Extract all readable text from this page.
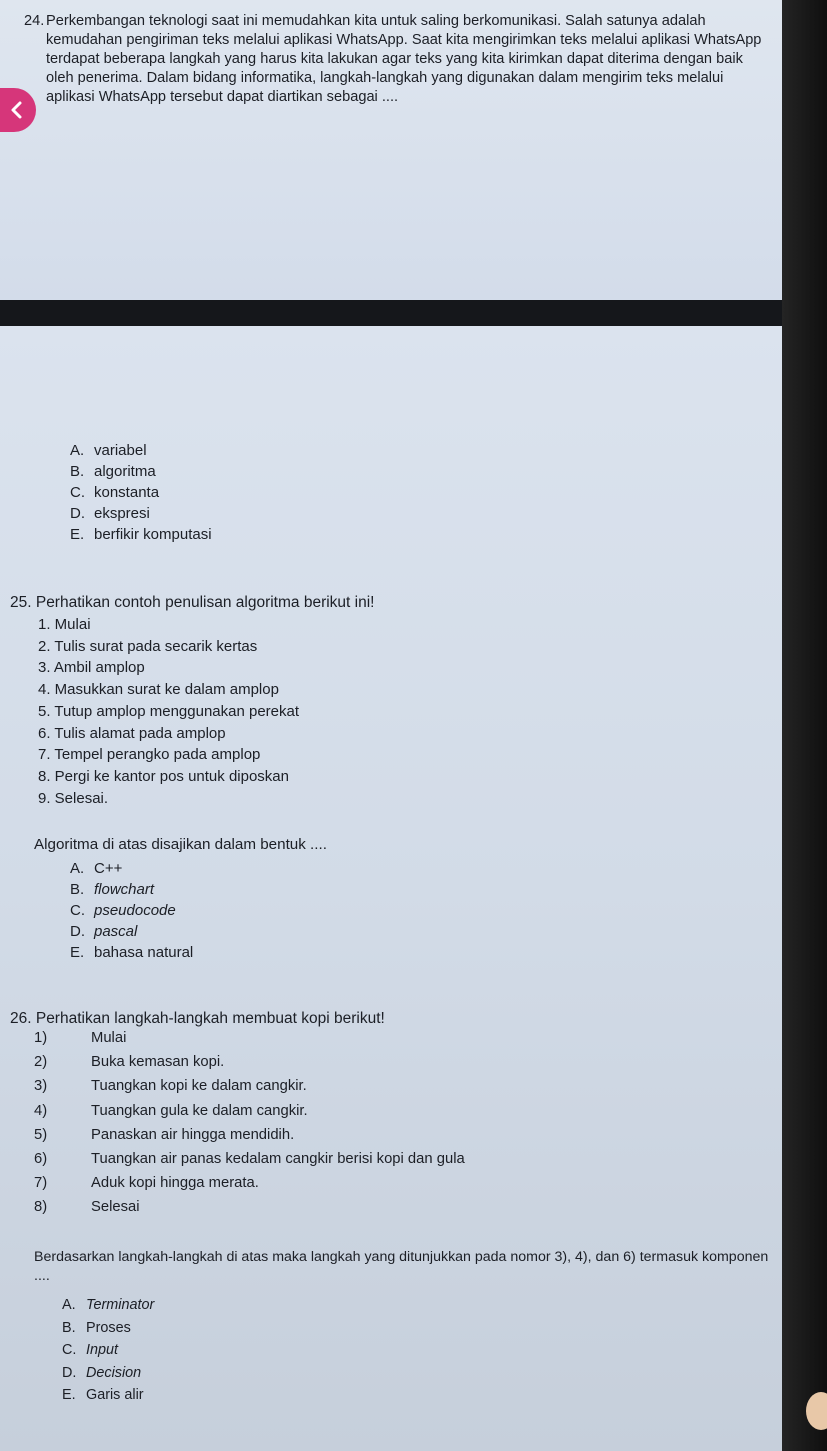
24. Perkembangan teknologi saat ini memudahkan kita untuk saling berkomunikasi. Salah satunya adalah kemudahan pengiriman teks melalui aplikasi WhatsApp. Saat kita mengirimkan teks melalui aplikasi WhatsApp terdapat beberapa langkah yang harus kita lakukan agar teks yang kita kirimkan dapat diterima dengan baik oleh penerima. Dalam bidang informatika, langkah-langkah yang digunakan dalam mengirim teks melalui aplikasi WhatsApp tersebut dapat diartikan sebagai ....
A. variabel
B. algoritma
C. konstanta
D. ekspresi
E. berfikir komputasi
25. Perhatikan contoh penulisan algoritma berikut ini!
1. Mulai
2. Tulis surat pada secarik kertas
3. Ambil amplop
4. Masukkan surat ke dalam amplop
5. Tutup amplop menggunakan perekat
6. Tulis alamat pada amplop
7. Tempel perangko pada amplop
8. Pergi ke kantor pos untuk diposkan
9. Selesai.
Algoritma di atas disajikan dalam bentuk ....
A. C++
B. flowchart
C. pseudocode
D. pascal
E. bahasa natural
26. Perhatikan langkah-langkah membuat kopi berikut!
1)	Mulai
2)	Buka kemasan kopi.
3)	Tuangkan kopi ke dalam cangkir.
4)	Tuangkan gula ke dalam cangkir.
5)	Panaskan air hingga mendidih.
6)	Tuangkan air panas kedalam cangkir berisi kopi dan gula
7)	Aduk kopi hingga merata.
8)	Selesai
Berdasarkan langkah-langkah di atas maka langkah yang ditunjukkan pada nomor 3), 4), dan 6) termasuk komponen ....
A. Terminator
B. Proses
C. Input
D. Decision
E. Garis alir
